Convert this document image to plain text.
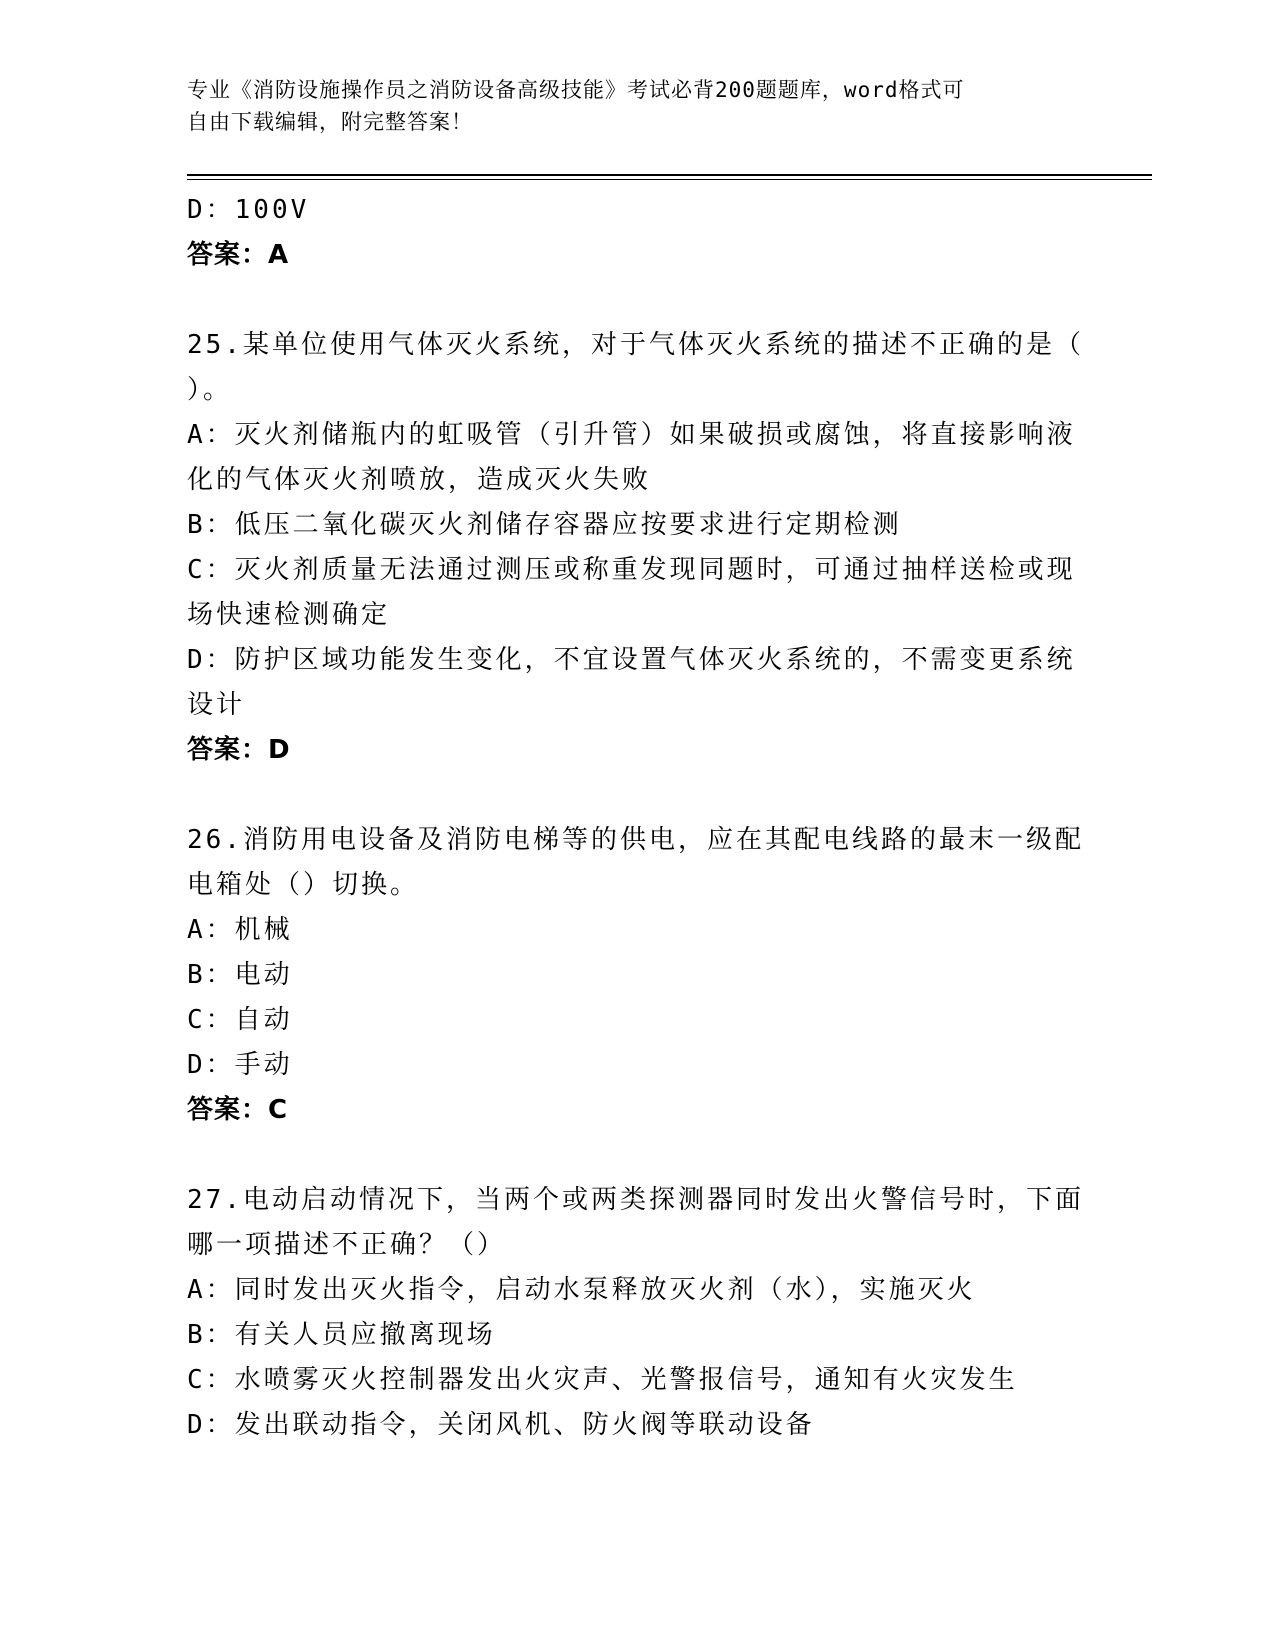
专业《消防设施操作员之消防设备高级技能》考试必背200题题库，word格式可
自由下载编辑，附完整答案！
D：100V
答案：A
25.某单位使用气体灭火系统，对于气体灭火系统的描述不正确的是（
）。
A：灭火剂储瓶内的虹吸管（引升管）如果破损或腐蚀，将直接影响液
化的气体灭火剂喷放，造成灭火失败
B：低压二氧化碳灭火剂储存容器应按要求进行定期检测
C：灭火剂质量无法通过测压或称重发现同题时，可通过抽样送检或现
场快速检测确定
D：防护区域功能发生变化，不宜设置气体灭火系统的，不需变更系统
设计
答案：D
26.消防用电设备及消防电梯等的供电，应在其配电线路的最末一级配
电箱处（）切换。
A：机械
B：电动
C：自动
D：手动
答案：C
27.电动启动情况下，当两个或两类探测器同时发出火警信号时，下面
哪一项描述不正确？（）
A：同时发出灭火指令，启动水泵释放灭火剂（水），实施灭火
B：有关人员应撤离现场
C：水喷雾灭火控制器发出火灾声、光警报信号，通知有火灾发生
D：发出联动指令，关闭风机、防火阀等联动设备
